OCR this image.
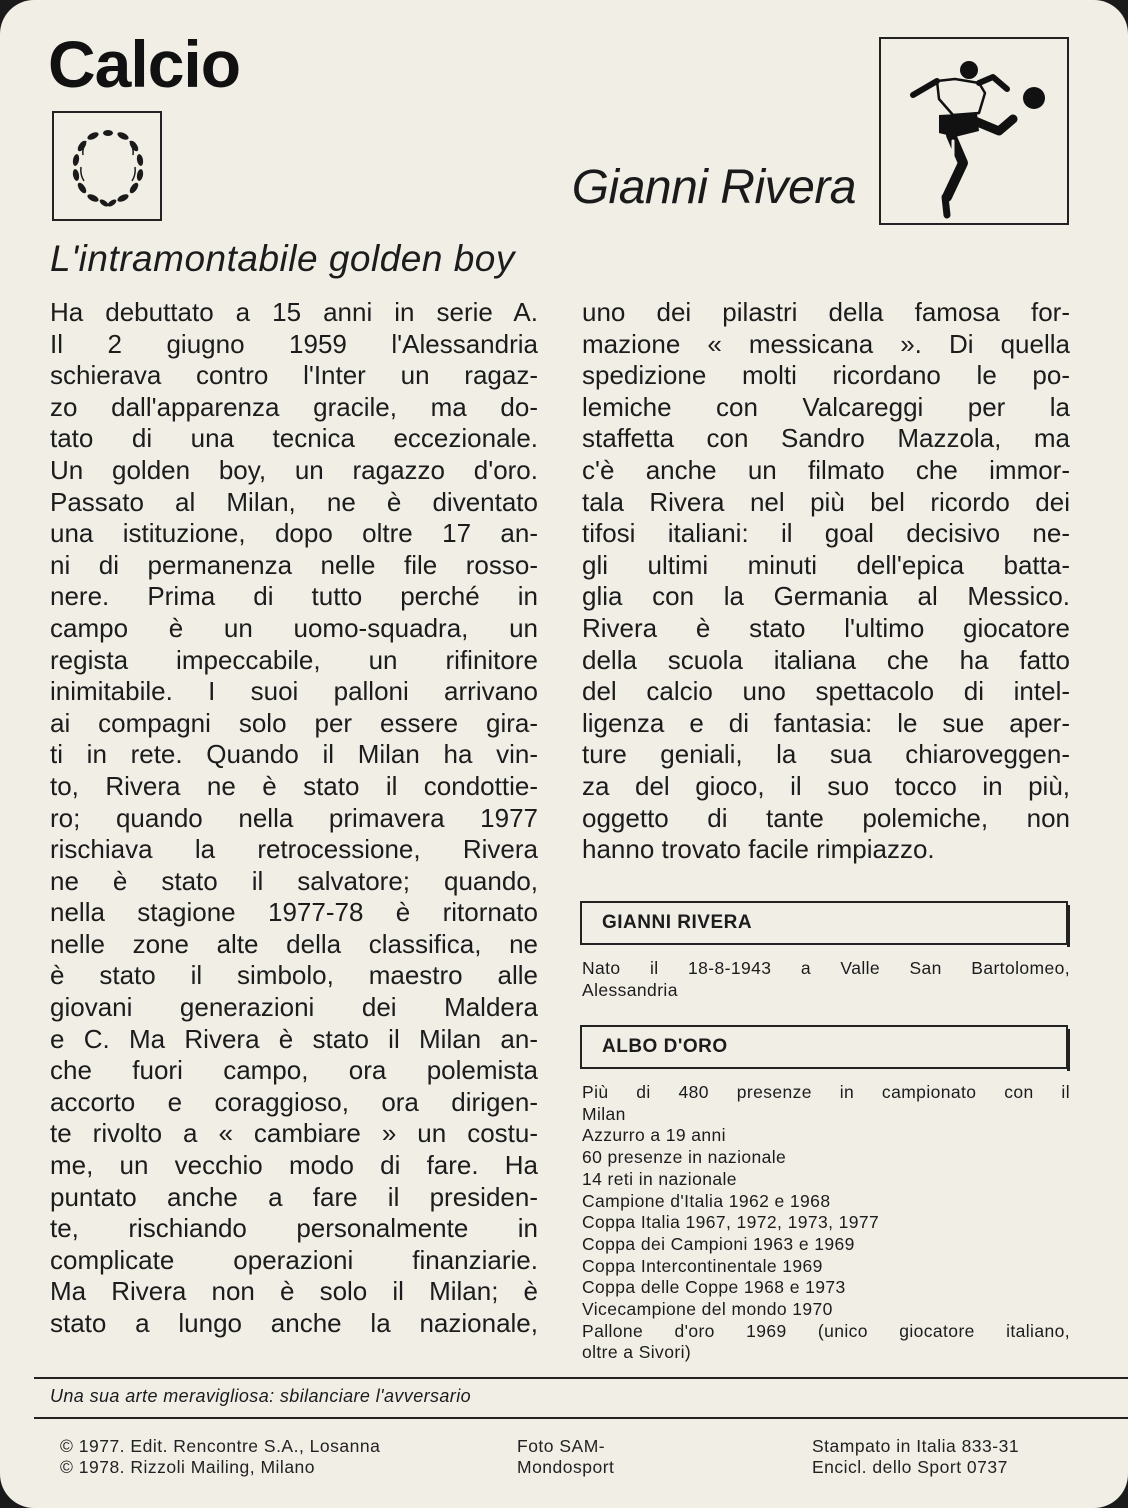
Calcio
Gianni Rivera
L'intramontabile golden boy
Ha debuttato a 15 anni in serie A.
Il 2 giugno 1959 l'Alessandria
schierava contro l'Inter un ragaz-
zo dall'apparenza gracile, ma do-
tato di una tecnica eccezionale.
Un golden boy, un ragazzo d'oro.
Passato al Milan, ne è diventato
una istituzione, dopo oltre 17 an-
ni di permanenza nelle file rosso-
nere. Prima di tutto perché in
campo è un uomo-squadra, un
regista impeccabile, un rifinitore
inimitabile. I suoi palloni arrivano
ai compagni solo per essere gira-
ti in rete. Quando il Milan ha vin-
to, Rivera ne è stato il condottie-
ro; quando nella primavera 1977
rischiava la retrocessione, Rivera
ne è stato il salvatore; quando,
nella stagione 1977-78 è ritornato
nelle zone alte della classifica, ne
è stato il simbolo, maestro alle
giovani generazioni dei Maldera
e C. Ma Rivera è stato il Milan an-
che fuori campo, ora polemista
accorto e coraggioso, ora dirigen-
te rivolto a « cambiare » un costu-
me, un vecchio modo di fare. Ha
puntato anche a fare il presiden-
te, rischiando personalmente in
complicate operazioni finanziarie.
Ma Rivera non è solo il Milan; è
stato a lungo anche la nazionale,
uno dei pilastri della famosa for-
mazione « messicana ». Di quella
spedizione molti ricordano le po-
lemiche con Valcareggi per la
staffetta con Sandro Mazzola, ma
c'è anche un filmato che immor-
tala Rivera nel più bel ricordo dei
tifosi italiani: il goal decisivo ne-
gli ultimi minuti dell'epica batta-
glia con la Germania al Messico.
Rivera è stato l'ultimo giocatore
della scuola italiana che ha fatto
del calcio uno spettacolo di intel-
ligenza e di fantasia: le sue aper-
ture geniali, la sua chiaroveggen-
za del gioco, il suo tocco in più,
oggetto di tante polemiche, non
hanno trovato facile rimpiazzo.
GIANNI RIVERA
Nato il 18-8-1943 a Valle San Bartolomeo,
Alessandria
ALBO D'ORO
Più di 480 presenze in campionato con il
Milan
Azzurro a 19 anni
60 presenze in nazionale
14 reti in nazionale
Campione d'Italia 1962 e 1968
Coppa Italia 1967, 1972, 1973, 1977
Coppa dei Campioni 1963 e 1969
Coppa Intercontinentale 1969
Coppa delle Coppe 1968 e 1973
Vicecampione del mondo 1970
Pallone d'oro 1969 (unico giocatore italiano,
oltre a Sivori)
Una sua arte meravigliosa: sbilanciare l'avversario
© 1977. Edit. Rencontre S.A., Losanna
© 1978. Rizzoli Mailing, Milano
Foto SAM-
Mondosport
Stampato in Italia 833-31
Encicl. dello Sport 0737
